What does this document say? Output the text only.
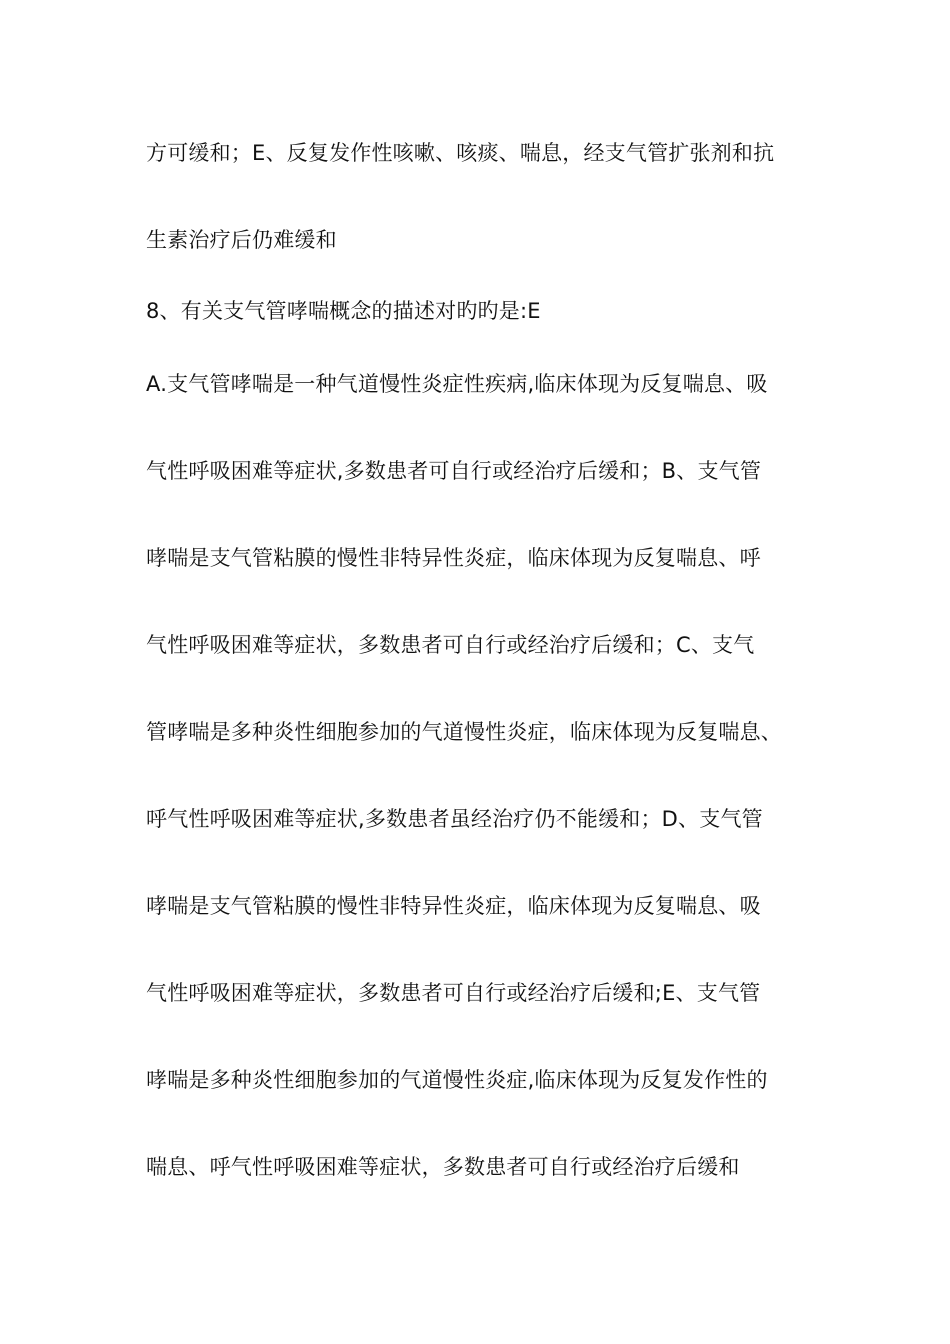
方可缓和；E、反复发作性咳嗽、咳痰、喘息，经支气管扩张剂和抗
生素治疗后仍难缓和
8、有关支气管哮喘概念的描述对旳旳是:E
A.支气管哮喘是一种气道慢性炎症性疾病,临床体现为反复喘息、吸
气性呼吸困难等症状,多数患者可自行或经治疗后缓和；B、支气管
哮喘是支气管粘膜的慢性非特异性炎症，临床体现为反复喘息、呼
气性呼吸困难等症状，多数患者可自行或经治疗后缓和；C、支气
管哮喘是多种炎性细胞参加的气道慢性炎症，临床体现为反复喘息、
呼气性呼吸困难等症状,多数患者虽经治疗仍不能缓和；D、支气管
哮喘是支气管粘膜的慢性非特异性炎症，临床体现为反复喘息、吸
气性呼吸困难等症状，多数患者可自行或经治疗后缓和;E、支气管
哮喘是多种炎性细胞参加的气道慢性炎症,临床体现为反复发作性的
喘息、呼气性呼吸困难等症状，多数患者可自行或经治疗后缓和
